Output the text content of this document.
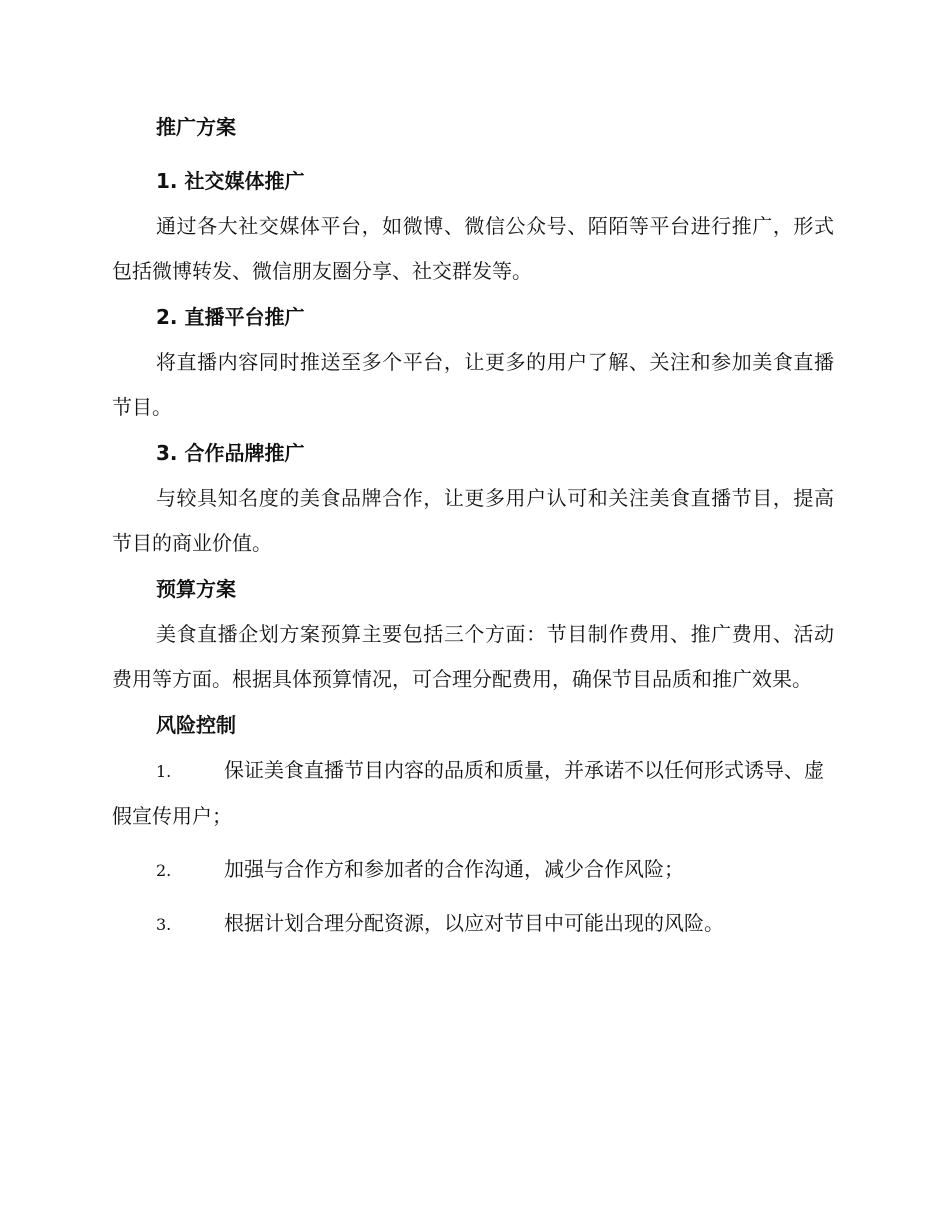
推广方案
1. 社交媒体推广

通过各大社交媒体平台，如微博、微信公众号、陌陌等平台进行推广，形式包括微博转发、微信朋友圈分享、社交群发等。

2. 直播平台推广

将直播内容同时推送至多个平台，让更多的用户了解、关注和参加美食直播节目。

3. 合作品牌推广

与较具知名度的美食品牌合作，让更多用户认可和关注美食直播节目，提高节目的商业价值。

预算方案

美食直播企划方案预算主要包括三个方面：节目制作费用、推广费用、活动费用等方面。根据具体预算情况，可合理分配费用，确保节目品质和推广效果。

风险控制

1.	保证美食直播节目内容的品质和质量，并承诺不以任何形式诱导、虚假宣传用户；

2.	加强与合作方和参加者的合作沟通，减少合作风险；

3.	根据计划合理分配资源，以应对节目中可能出现的风险。
